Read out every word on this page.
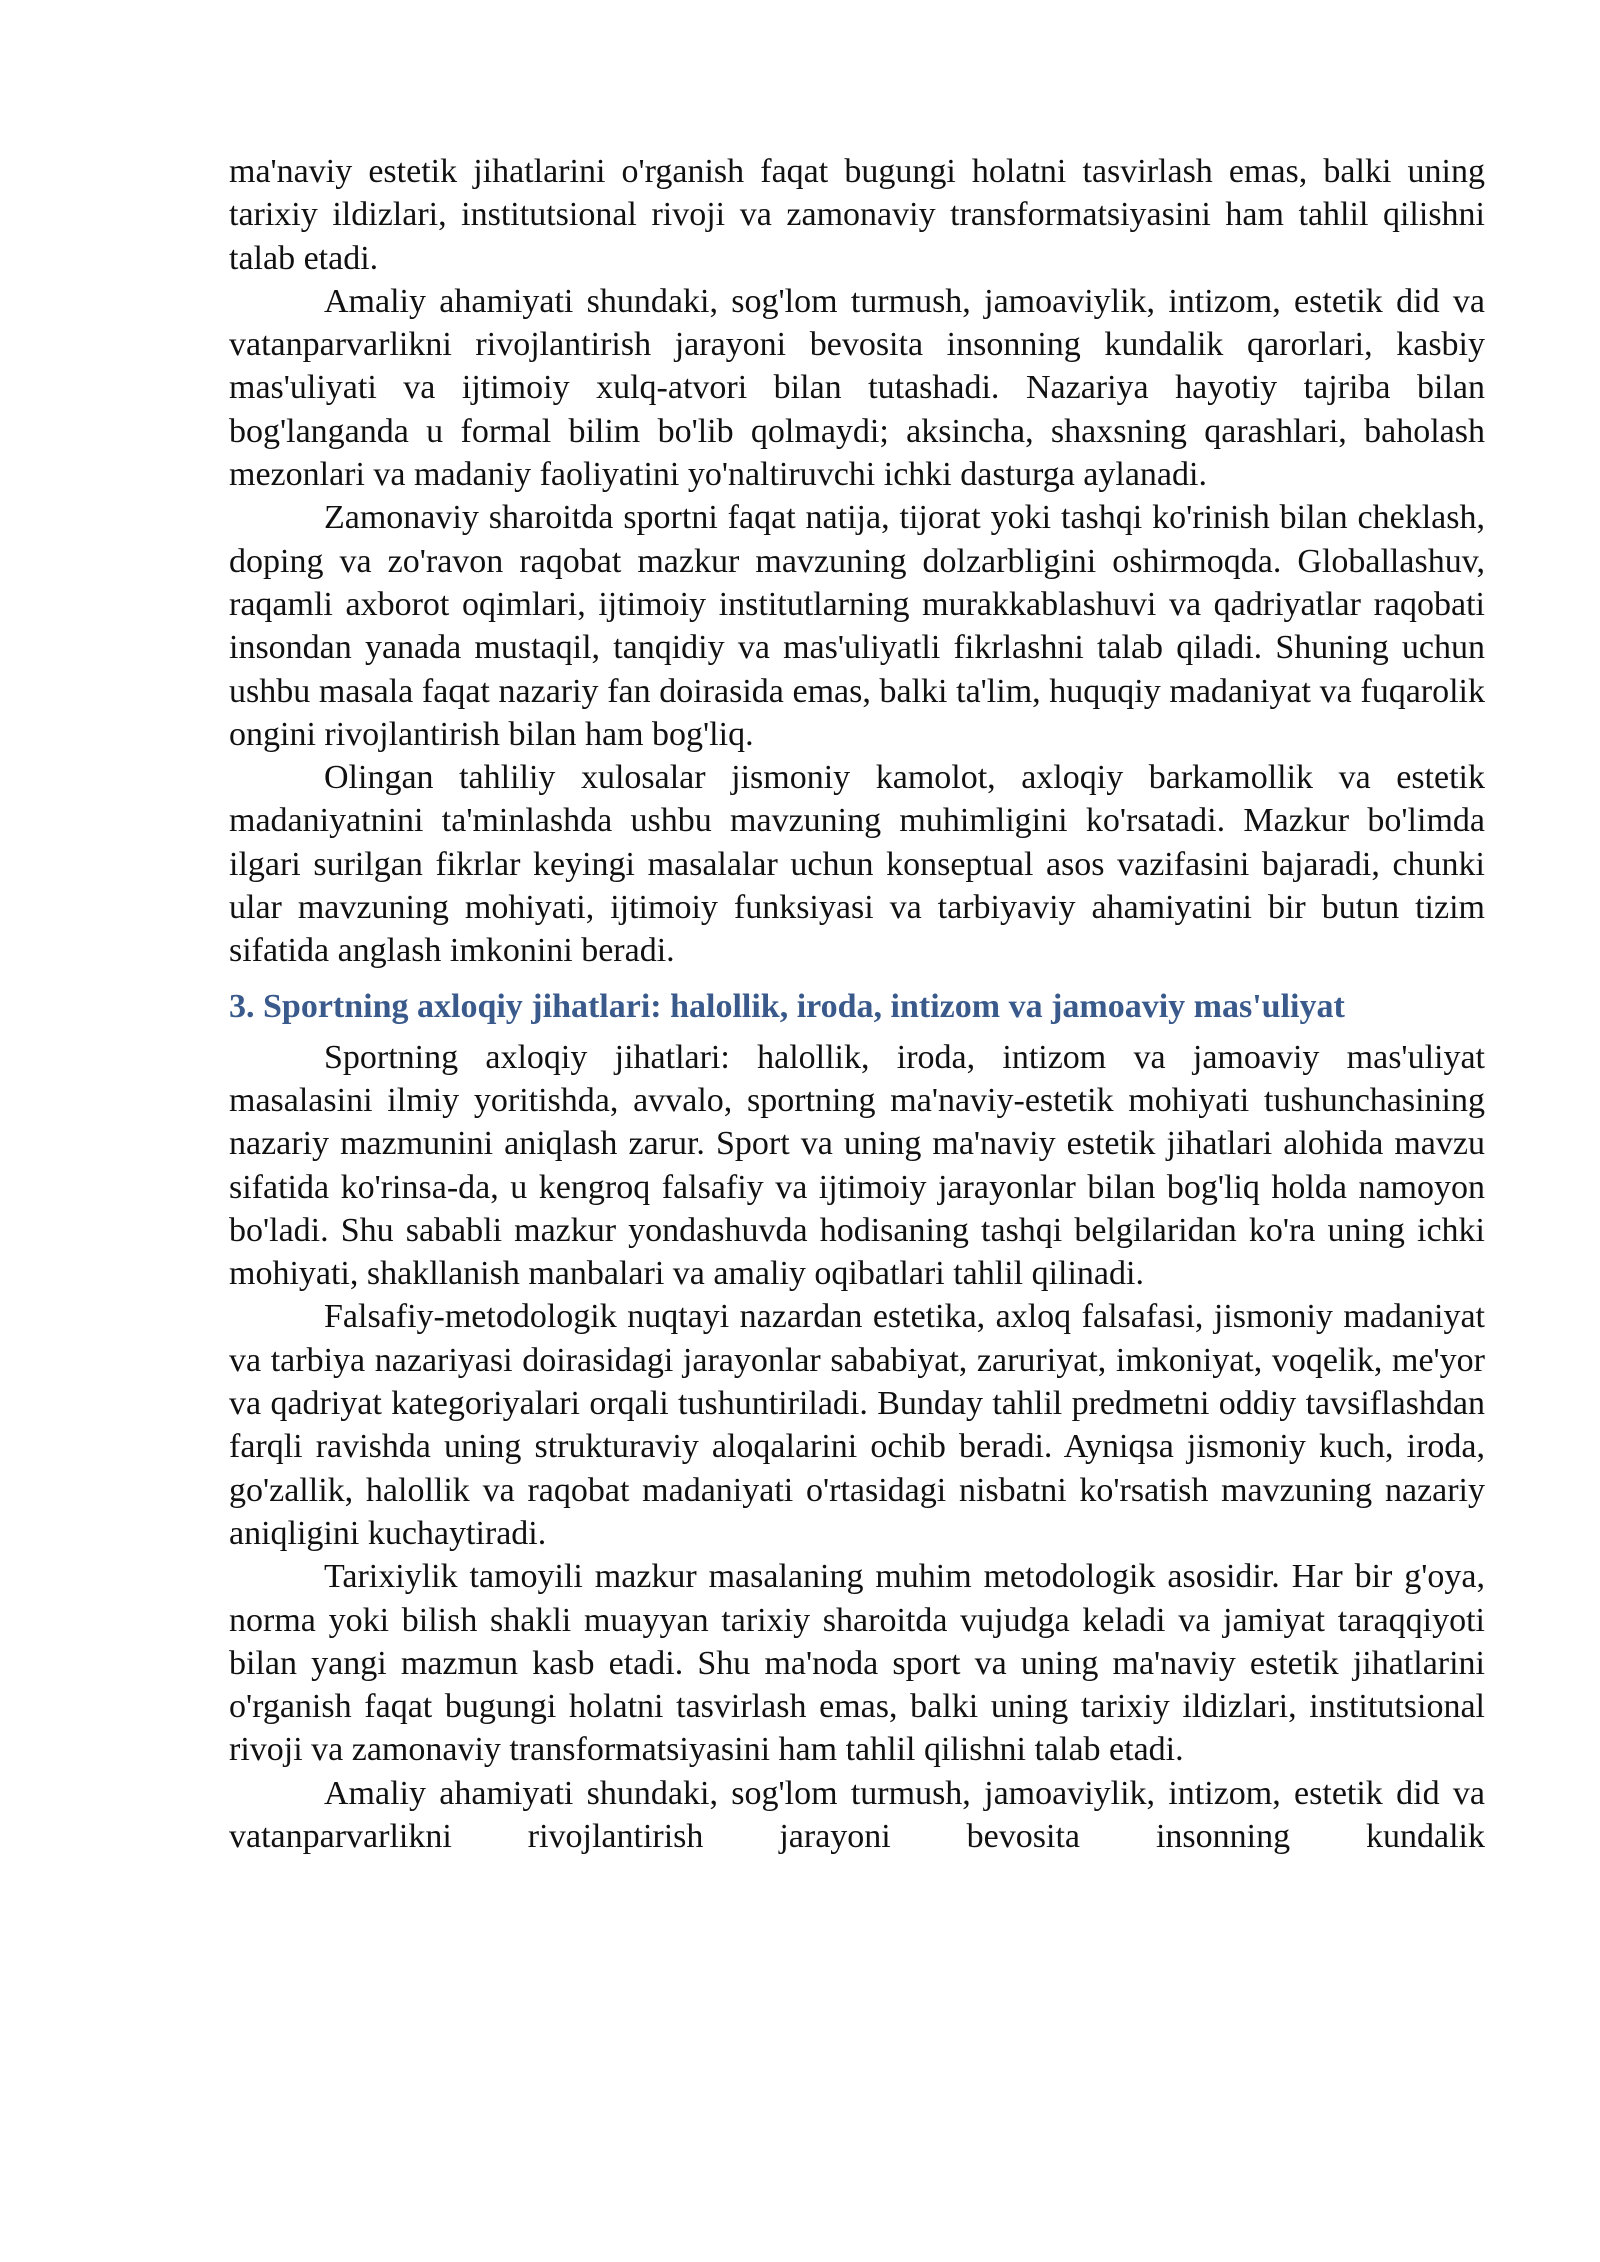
ma'naviy estetik jihatlarini o'rganish faqat bugungi holatni tasvirlash emas, balki uning tarixiy ildizlari, institutsional rivoji va zamonaviy transformatsiyasini ham tahlil qilishni talab etadi.

Amaliy ahamiyati shundaki, sog'lom turmush, jamoaviylik, intizom, estetik did va vatanparvarlikni rivojlantirish jarayoni bevosita insonning kundalik qarorlari, kasbiy mas'uliyati va ijtimoiy xulq-atvori bilan tutashadi. Nazariya hayotiy tajriba bilan bog'langanda u formal bilim bo'lib qolmaydi; aksincha, shaxsning qarashlari, baholash mezonlari va madaniy faoliyatini yo'naltiruvchi ichki dasturga aylanadi.

Zamonaviy sharoitda sportni faqat natija, tijorat yoki tashqi ko'rinish bilan cheklash, doping va zo'ravon raqobat mazkur mavzuning dolzarbligini oshirmoqda. Globallashuv, raqamli axborot oqimlari, ijtimoiy institutlarning murakkablashuvi va qadriyatlar raqobati insondan yanada mustaqil, tanqidiy va mas'uliyatli fikrlashni talab qiladi. Shuning uchun ushbu masala faqat nazariy fan doirasida emas, balki ta'lim, huquqiy madaniyat va fuqarolik ongini rivojlantirish bilan ham bog'liq.

Olingan tahliliy xulosalar jismoniy kamolot, axloqiy barkamollik va estetik madaniyatnini ta'minlashda ushbu mavzuning muhimligini ko'rsatadi. Mazkur bo'limda ilgari surilgan fikrlar keyingi masalalar uchun konseptual asos vazifasini bajaradi, chunki ular mavzuning mohiyati, ijtimoiy funksiyasi va tarbiyaviy ahamiyatini bir butun tizim sifatida anglash imkonini beradi.

3. Sportning axloqiy jihatlari: halollik, iroda, intizom va jamoaviy mas'uliyat

Sportning axloqiy jihatlari: halollik, iroda, intizom va jamoaviy mas'uliyat masalasini ilmiy yoritishda, avvalo, sportning ma'naviy-estetik mohiyati tushunchasining nazariy mazmunini aniqlash zarur. Sport va uning ma'naviy estetik jihatlari alohida mavzu sifatida ko'rinsa-da, u kengroq falsafiy va ijtimoiy jarayonlar bilan bog'liq holda namoyon bo'ladi. Shu sababli mazkur yondashuvda hodisaning tashqi belgilaridan ko'ra uning ichki mohiyati, shakllanish manbalari va amaliy oqibatlari tahlil qilinadi.

Falsafiy-metodologik nuqtayi nazardan estetika, axloq falsafasi, jismoniy madaniyat va tarbiya nazariyasi doirasidagi jarayonlar sababiyat, zaruriyat, imkoniyat, voqelik, me'yor va qadriyat kategoriyalari orqali tushuntiriladi. Bunday tahlil predmetni oddiy tavsiflashdan farqli ravishda uning strukturaviy aloqalarini ochib beradi. Ayniqsa jismoniy kuch, iroda, go'zallik, halollik va raqobat madaniyati o'rtasidagi nisbatni ko'rsatish mavzuning nazariy aniqligini kuchaytiradi.

Tarixiylik tamoyili mazkur masalaning muhim metodologik asosidir. Har bir g'oya, norma yoki bilish shakli muayyan tarixiy sharoitda vujudga keladi va jamiyat taraqqiyoti bilan yangi mazmun kasb etadi. Shu ma'noda sport va uning ma'naviy estetik jihatlarini o'rganish faqat bugungi holatni tasvirlash emas, balki uning tarixiy ildizlari, institutsional rivoji va zamonaviy transformatsiyasini ham tahlil qilishni talab etadi.

Amaliy ahamiyati shundaki, sog'lom turmush, jamoaviylik, intizom, estetik did va vatanparvarlikni rivojlantirish jarayoni bevosita insonning kundalik
